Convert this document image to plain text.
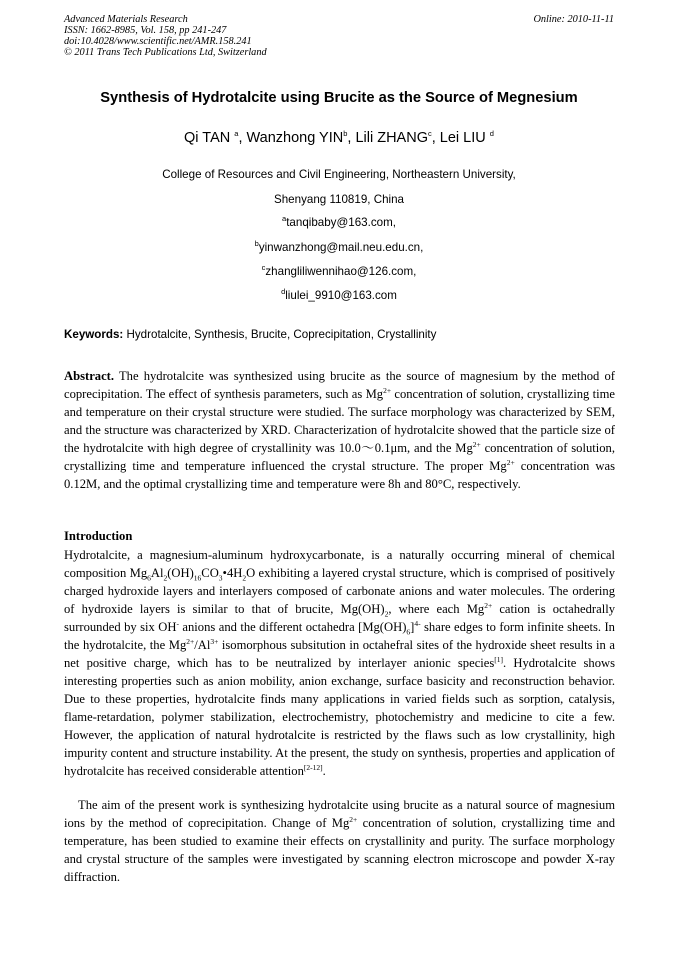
Advanced Materials Research
ISSN: 1662-8985, Vol. 158, pp 241-247
doi:10.4028/www.scientific.net/AMR.158.241
© 2011 Trans Tech Publications Ltd, Switzerland
Online: 2010-11-11
Synthesis of Hydrotalcite using Brucite as the Source of Megnesium
Qi TAN $^a$, Wanzhong YIN$^b$, Lili ZHANG$^c$, Lei LIU $^d$
College of Resources and Civil Engineering, Northeastern University,
Shenyang 110819, China
$^a$tanqibaby@163.com,
$^b$yinwanzhong@mail.neu.edu.cn,
$^c$zhangliliwennihao@126.com,
$^d$liulei_9910@163.com
Keywords: Hydrotalcite, Synthesis, Brucite, Coprecipitation, Crystallinity
Abstract. The hydrotalcite was synthesized using brucite as the source of magnesium by the method of coprecipitation. The effect of synthesis parameters, such as $Mg^{2+}$ concentration of solution, crystallizing time and temperature on their crystal structure were studied. The surface morphology was characterized by SEM, and the structure was characterized by XRD. Characterization of hydrotalcite showed that the particle size of the hydrotalcite with high degree of crystallinity was 10.0～0.1μm, and the $Mg^{2+}$ concentration of solution, crystallizing time and temperature influenced the crystal structure. The proper $Mg^{2+}$ concentration was 0.12M, and the optimal crystallizing time and temperature were 8h and 80°C, respectively.
Introduction
Hydrotalcite, a magnesium-aluminum hydroxycarbonate, is a naturally occurring mineral of chemical composition $Mg_6Al_2(OH)_{16}CO_3•4H_2O$ exhibiting a layered crystal structure, which is comprised of positively charged hydroxide layers and interlayers composed of carbonate anions and water molecules. The ordering of hydroxide layers is similar to that of brucite, $Mg(OH)_2$, where each $Mg^{2+}$ cation is octahedrally surrounded by six OH- anions and the different octahedra $[Mg(OH)_6]^{4-}$ share edges to form infinite sheets. In the hydrotalcite, the $Mg^{2+}/Al^{3+}$ isomorphous subsitution in octahefral sites of the hydroxide sheet results in a net positive charge, which has to be neutralized by interlayer anionic species[1]. Hydrotalcite shows interesting properties such as anion mobility, anion exchange, surface basicity and reconstruction behavior. Due to these properties, hydrotalcite finds many applications in varied fields such as sorption, catalysis, flame-retardation, polymer stabilization, electrochemistry, photochemistry and medicine to cite a few. However, the application of natural hydrotalcite is restricted by the flaws such as low crystallinity, high impurity content and structure instability. At the present, the study on synthesis, properties and application of hydrotalcite has received considerable attention[2-12].
The aim of the present work is synthesizing hydrotalcite using brucite as a natural source of magnesium ions by the method of coprecipitation. Change of $Mg^{2+}$ concentration of solution, crystallizing time and temperature, has been studied to examine their effects on crystallinity and purity. The surface morphology and crystal structure of the samples were investigated by scanning electron microscope and powder X-ray diffraction.
